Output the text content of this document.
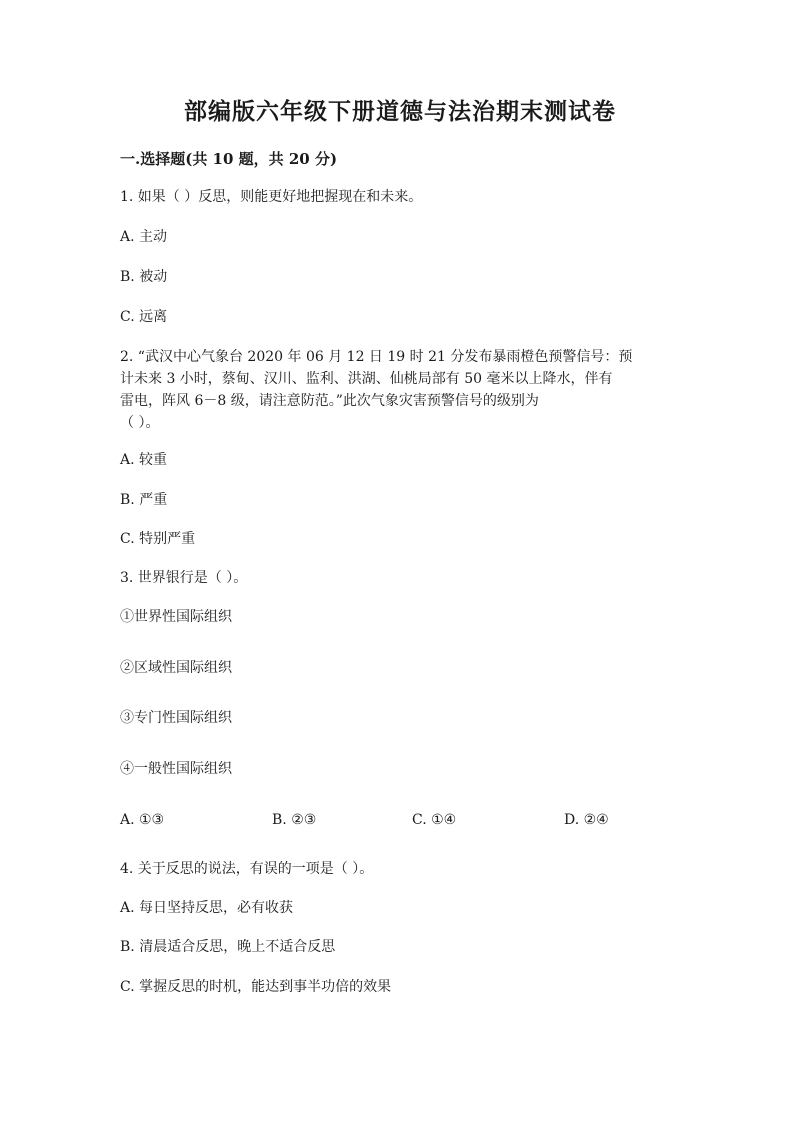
部编版六年级下册道德与法治期末测试卷
一.选择题(共 10 题，共 20 分)
1. 如果（ ）反思，则能更好地把握现在和未来。
A. 主动
B. 被动
C. 远离
2. “武汉中心气象台 2020 年 06 月 12 日 19 时 21 分发布暴雨橙色预警信号：预
计未来 3 小时，蔡甸、汉川、监利、洪湖、仙桃局部有 50 毫米以上降水，伴有
雷电，阵风 6－8 级，请注意防范。”此次气象灾害预警信号的级别为
（ ）。
A. 较重
B. 严重
C. 特别严重
3. 世界银行是（ ）。
①世界性国际组织
②区域性国际组织
③专门性国际组织
④一般性国际组织
A. ①③	B. ②③	C. ①④	D. ②④
4. 关于反思的说法，有误的一项是（ ）。
A. 每日坚持反思，必有收获
B. 清晨适合反思，晚上不适合反思
C. 掌握反思的时机，能达到事半功倍的效果
